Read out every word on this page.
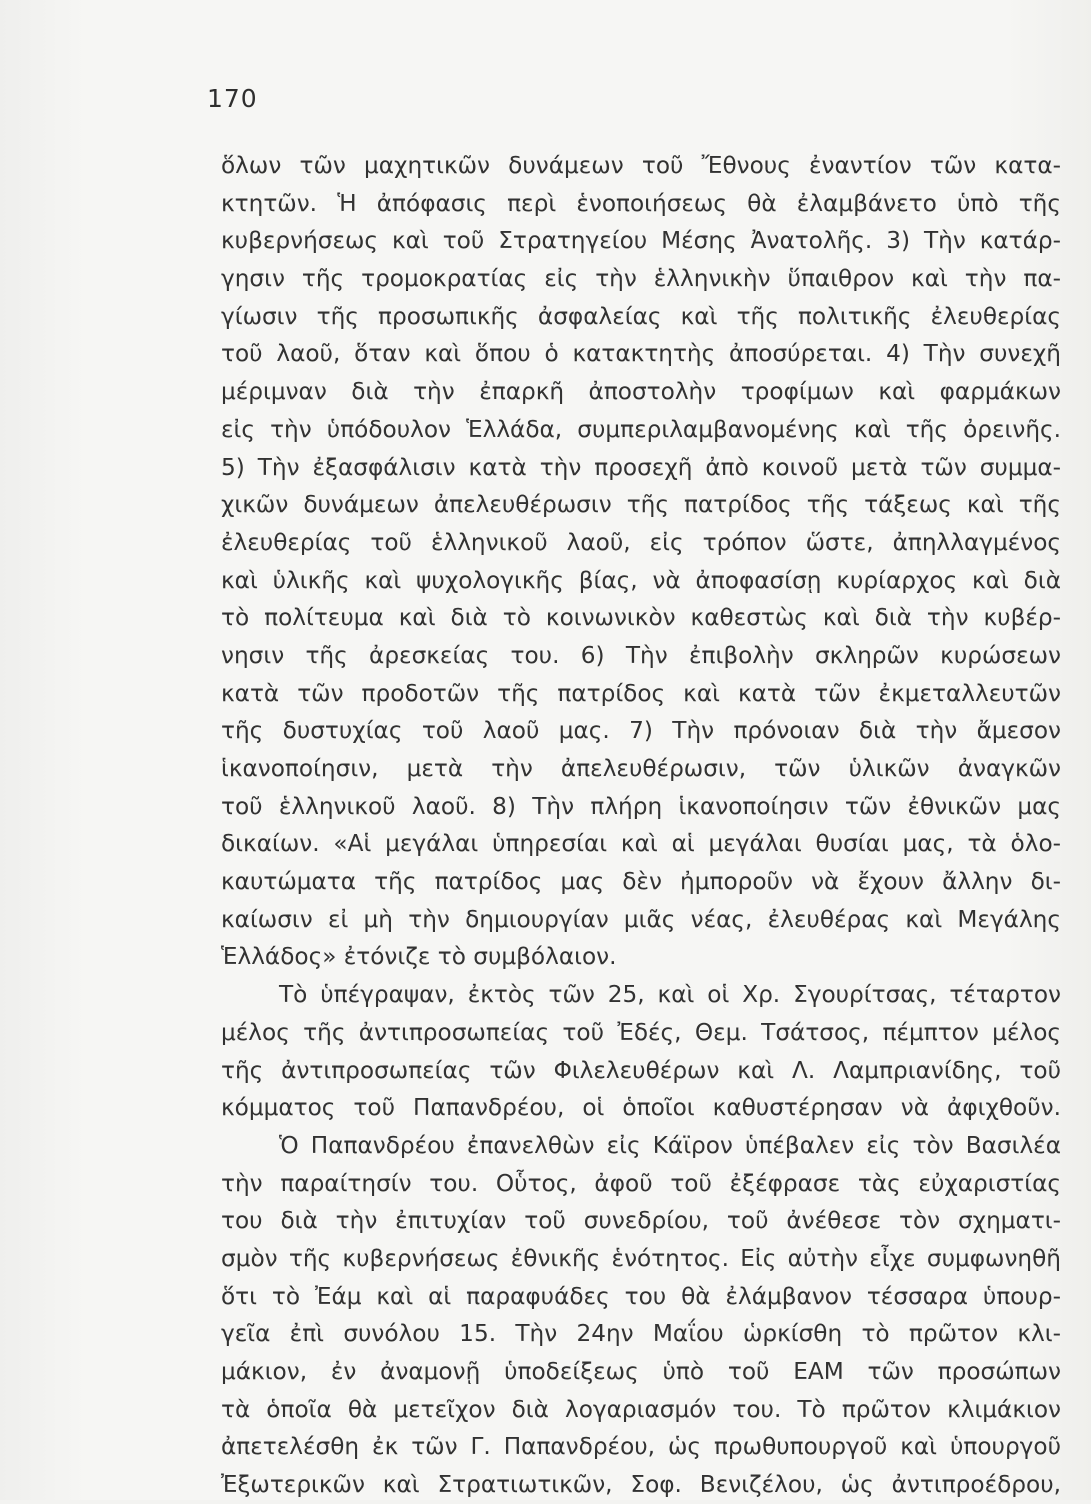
170
ὅλων τῶν μαχητικῶν δυνάμεων τοῦ Ἔθνους ἐναντίον τῶν κατα-
κτητῶν. Ἡ ἀπόφασις περὶ ἑνοποιήσεως θὰ ἐλαμβάνετο ὑπὸ τῆς
κυβερνήσεως καὶ τοῦ Στρατηγείου Μέσης Ἀνατολῆς. 3) Τὴν κατάρ-
γησιν τῆς τρομοκρατίας εἰς τὴν ἑλληνικὴν ὕπαιθρον καὶ τὴν πα-
γίωσιν τῆς προσωπικῆς ἀσφαλείας καὶ τῆς πολιτικῆς ἐλευθερίας
τοῦ λαοῦ, ὅταν καὶ ὅπου ὁ κατακτητὴς ἀποσύρεται. 4) Τὴν συνεχῆ
μέριμναν διὰ τὴν ἐπαρκῆ ἀποστολὴν τροφίμων καὶ φαρμάκων
εἰς τὴν ὑπόδουλον Ἑλλάδα, συμπεριλαμβανομένης καὶ τῆς ὀρεινῆς.
5) Τὴν ἐξασφάλισιν κατὰ τὴν προσεχῆ ἀπὸ κοινοῦ μετὰ τῶν συμμα-
χικῶν δυνάμεων ἀπελευθέρωσιν τῆς πατρίδος τῆς τάξεως καὶ τῆς
ἐλευθερίας τοῦ ἑλληνικοῦ λαοῦ, εἰς τρόπον ὥστε, ἀπηλλαγμένος
καὶ ὑλικῆς καὶ ψυχολογικῆς βίας, νὰ ἀποφασίσῃ κυρίαρχος καὶ διὰ
τὸ πολίτευμα καὶ διὰ τὸ κοινωνικὸν καθεστὼς καὶ διὰ τὴν κυβέρ-
νησιν τῆς ἀρεσκείας του. 6) Τὴν ἐπιβολὴν σκληρῶν κυρώσεων
κατὰ τῶν προδοτῶν τῆς πατρίδος καὶ κατὰ τῶν ἐκμεταλλευτῶν
τῆς δυστυχίας τοῦ λαοῦ μας. 7) Τὴν πρόνοιαν διὰ τὴν ἄμεσον
ἱκανοποίησιν, μετὰ τὴν ἀπελευθέρωσιν, τῶν ὑλικῶν ἀναγκῶν
τοῦ ἑλληνικοῦ λαοῦ. 8) Τὴν πλήρη ἱκανοποίησιν τῶν ἐθνικῶν μας
δικαίων. «Αἱ μεγάλαι ὑπηρεσίαι καὶ αἱ μεγάλαι θυσίαι μας, τὰ ὁλο-
καυτώματα τῆς πατρίδος μας δὲν ἠμποροῦν νὰ ἔχουν ἄλλην δι-
καίωσιν εἰ μὴ τὴν δημιουργίαν μιᾶς νέας, ἐλευθέρας καὶ Μεγάλης
Ἑλλάδος» ἐτόνιζε τὸ συμβόλαιον.
Τὸ ὑπέγραψαν, ἐκτὸς τῶν 25, καὶ οἱ Χρ. Σγουρίτσας, τέταρτον
μέλος τῆς ἀντιπροσωπείας τοῦ Ἐδές, Θεμ. Τσάτσος, πέμπτον μέλος
τῆς ἀντιπροσωπείας τῶν Φιλελευθέρων καὶ Λ. Λαμπριανίδης, τοῦ
κόμματος τοῦ Παπανδρέου, οἱ ὁποῖοι καθυστέρησαν νὰ ἀφιχθοῦν.
Ὁ Παπανδρέου ἐπανελθὼν εἰς Κάϊρον ὑπέβαλεν εἰς τὸν Βασιλέα
τὴν παραίτησίν του. Οὗτος, ἀφοῦ τοῦ ἐξέφρασε τὰς εὐχαριστίας
του διὰ τὴν ἐπιτυχίαν τοῦ συνεδρίου, τοῦ ἀνέθεσε τὸν σχηματι-
σμὸν τῆς κυβερνήσεως ἐθνικῆς ἑνότητος. Εἰς αὐτὴν εἶχε συμφωνηθῆ
ὅτι τὸ Ἐάμ καὶ αἱ παραφυάδες του θὰ ἐλάμβανον τέσσαρα ὑπουρ-
γεῖα ἐπὶ συνόλου 15. Τὴν 24ην Μαΐου ὡρκίσθη τὸ πρῶτον κλι-
μάκιον, ἐν ἀναμονῇ ὑποδείξεως ὑπὸ τοῦ ΕΑΜ τῶν προσώπων
τὰ ὁποῖα θὰ μετεῖχον διὰ λογαριασμόν του. Τὸ πρῶτον κλιμάκιον
ἀπετελέσθη ἐκ τῶν Γ. Παπανδρέου, ὡς πρωθυπουργοῦ καὶ ὑπουργοῦ
Ἐξωτερικῶν καὶ Στρατιωτικῶν, Σοφ. Βενιζέλου, ὡς ἀντιπροέδρου,
